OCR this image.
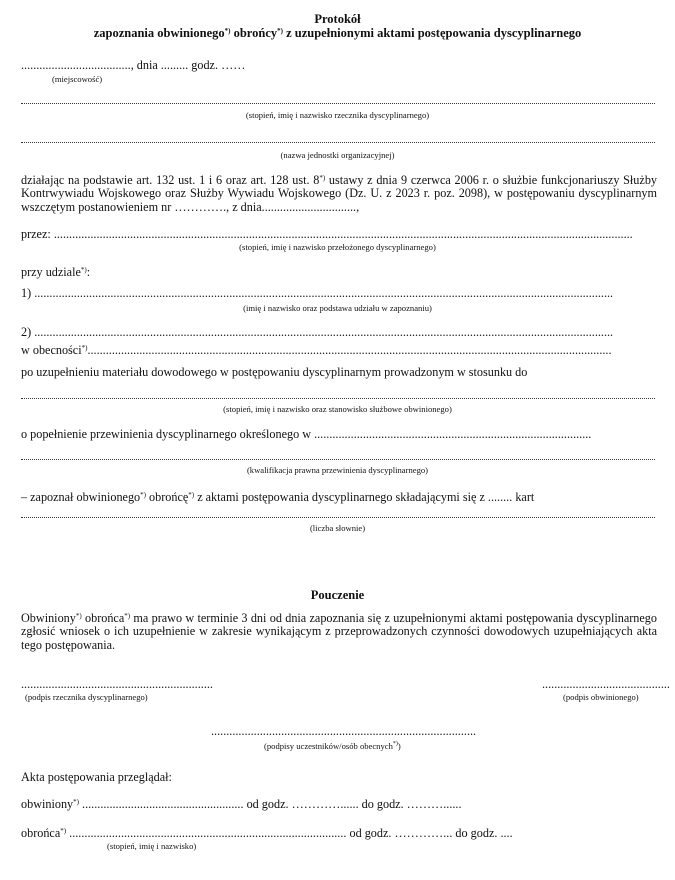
Protokół
zapoznania obwinionego*) obrońcy*) z uzupełnionymi aktami postępowania dyscyplinarnego
...................................., dnia ......... godz. ……
(miejscowość)
(stopień, imię i nazwisko rzecznika dyscyplinarnego)
(nazwa jednostki organizacyjnej)
działając na podstawie art. 132 ust. 1 i 6 oraz art. 128 ust. 8*) ustawy z dnia 9 czerwca 2006 r. o służbie funkcjonariuszy Służby Kontrwywiadu Wojskowego oraz Służby Wywiadu Wojskowego (Dz. U. z 2023 r. poz. 2098), w postępowaniu dyscyplinarnym wszczętym postanowieniem nr …………., z dnia...............................,
przez: ..............................................................................................................................................................................................
(stopień, imię i nazwisko przełożonego dyscyplinarnego)
przy udziale*):
1) ..............................................................................................................................................................................................
(imię i nazwisko oraz podstawa udziału w zapoznaniu)
2) ..............................................................................................................................................................................................
w obecności*)............................................................................................................................................................................
po uzupełnieniu materiału dowodowego w postępowaniu dyscyplinarnym prowadzonym w stosunku do
(stopień, imię i nazwisko oraz stanowisko służbowe obwinionego)
o popełnienie przewinienia dyscyplinarnego określonego w ...........................................................................................
(kwalifikacja prawna przewinienia dyscyplinarnego)
– zapoznał obwinionego*) obrońcę*) z aktami postępowania dyscyplinarnego składającymi się z ........ kart
(liczba słownie)
Pouczenie
Obwiniony*) obrońca*) ma prawo w terminie 3 dni od dnia zapoznania się z uzupełnionymi aktami postępowania dyscyplinarnego zgłosić wniosek o ich uzupełnienie w zakresie wynikającym z przeprowadzonych czynności dowodowych uzupełniających akta tego postępowania.
...............................................................
(podpis rzecznika dyscyplinarnego)
..........................................
(podpis obwinionego)
.......................................................................................
(podpisy uczestników/osób obecnych*))
Akta postępowania przeglądał:
obwiniony*) ..................................................... od godz. …………...... do godz. ………......
obrońca*) ........................................................................................... od godz. …………... do godz. ....
(stopień, imię i nazwisko)
